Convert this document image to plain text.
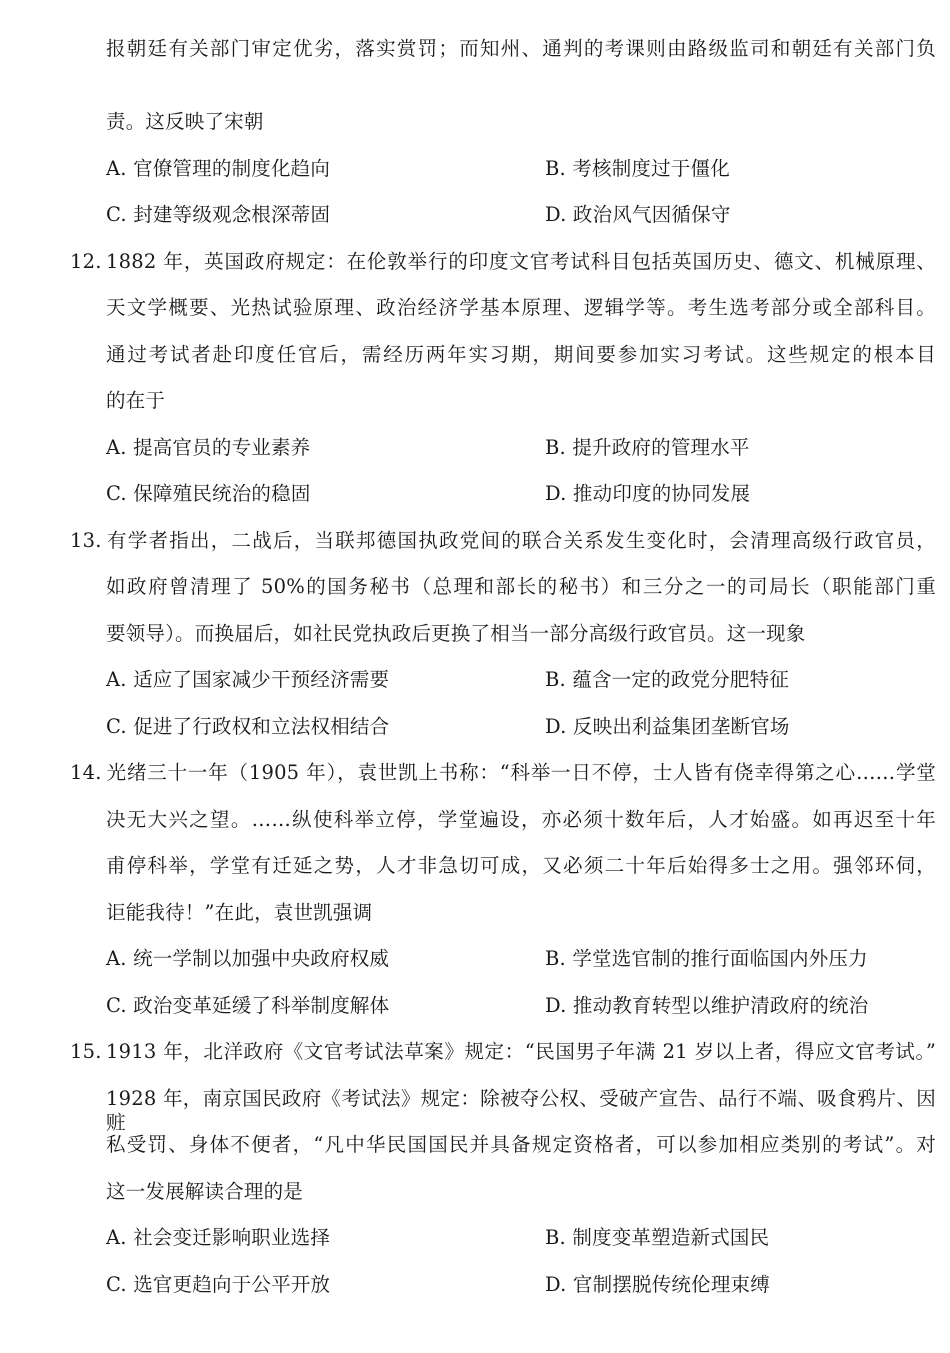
报朝廷有关部门审定优劣，落实赏罚；而知州、通判的考课则由路级监司和朝廷有关部门负
责。这反映了宋朝
A. 官僚管理的制度化趋向	B. 考核制度过于僵化
C. 封建等级观念根深蒂固	D. 政治风气因循保守
12. 1882 年，英国政府规定：在伦敦举行的印度文官考试科目包括英国历史、德文、机械原理、
天文学概要、光热试验原理、政治经济学基本原理、逻辑学等。考生选考部分或全部科目。
通过考试者赴印度任官后，需经历两年实习期，期间要参加实习考试。这些规定的根本目
的在于
A. 提高官员的专业素养	B. 提升政府的管理水平
C. 保障殖民统治的稳固	D. 推动印度的协同发展
13. 有学者指出，二战后，当联邦德国执政党间的联合关系发生变化时，会清理高级行政官员，
如政府曾清理了 50%的国务秘书（总理和部长的秘书）和三分之一的司局长（职能部门重
要领导）。而换届后，如社民党执政后更换了相当一部分高级行政官员。这一现象
A. 适应了国家减少干预经济需要	B. 蕴含一定的政党分肥特征
C. 促进了行政权和立法权相结合	D. 反映出利益集团垄断官场
14. 光绪三十一年（1905 年），袁世凯上书称：“科举一日不停，士人皆有侥幸得第之心……学堂
决无大兴之望。……纵使科举立停，学堂遍设，亦必须十数年后，人才始盛。如再迟至十年
甫停科举，学堂有迁延之势，人才非急切可成，又必须二十年后始得多士之用。强邻环伺，
讵能我待！”在此，袁世凯强调
A. 统一学制以加强中央政府权威	B. 学堂选官制的推行面临国内外压力
C. 政治变革延缓了科举制度解体	D. 推动教育转型以维护清政府的统治
15. 1913 年，北洋政府《文官考试法草案》规定：“民国男子年满 21 岁以上者，得应文官考试。”
1928 年，南京国民政府《考试法》规定：除被夺公权、受破产宣告、品行不端、吸食鸦片、因赃
私受罚、身体不便者，“凡中华民国国民并具备规定资格者，可以参加相应类别的考试”。对
这一发展解读合理的是
A. 社会变迁影响职业选择	B. 制度变革塑造新式国民
C. 选官更趋向于公平开放	D. 官制摆脱传统伦理束缚
